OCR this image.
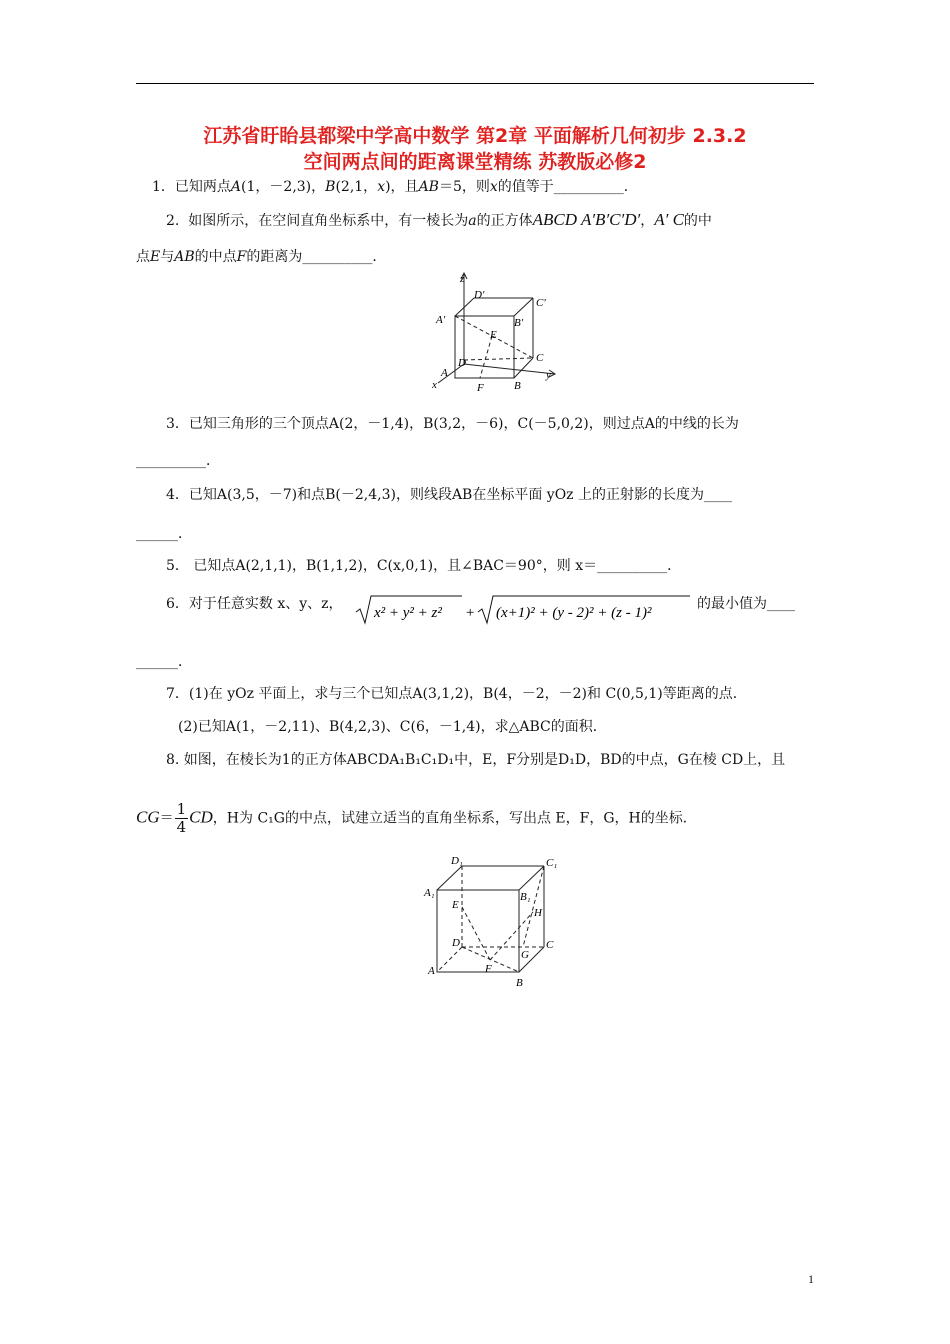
江苏省盱眙县都梁中学高中数学 第2章 平面解析几何初步 2.3.2
空间两点间的距离课堂精练 苏教版必修2
1．已知两点A(1，－2,3)，B(2,1，x)，且AB＝5，则x的值等于__________．
2. 如图所示，在空间直角坐标系中，有一棱长为a的正方体ABCD A′B′C′D′，A′ C的中
点E与AB的中点F的距离为__________．
z
y
x
D′
C′
A′	B′
E
D	C
A
F	B
3．已知三角形的三个顶点A(2，－1,4)，B(3,2，－6)，C(－5,0,2)，则过点A的中线的长为
__________．
4．已知A(3,5，－7)和点B(－2,4,3)，则线段AB在坐标平面 yOz 上的正射影的长度为____
______．
5． 已知点A(2,1,1)，B(1,1,2)，C(x,0,1)，且∠BAC＝90°，则 x＝__________．
6．对于任意实数 x、y、z，
x² + y² + z² + (x+1)² + (y - 2)² + (z - 1)²
的最小值为____
______．
7．(1)在 yOz 平面上，求与三个已知点A(3,1,2)，B(4，－2，－2)和 C(0,5,1)等距离的点．
(2)已知A(1，－2,11)、B(4,2,3)、C(6，－1,4)，求△ABC的面积．
8. 如图，在棱长为1的正方体ABCDA₁B₁C₁D₁中，E，F分别是D₁D，BD的中点，G在棱 CD上，且
$CG= \frac{1}{4}$ CD，H为 C₁G的中点，试建立适当的直角坐标系，写出点 E，F，G，H的坐标．
D₁	C₁
A₁	B₁
E
H
D	C
G
F
A
B
1
